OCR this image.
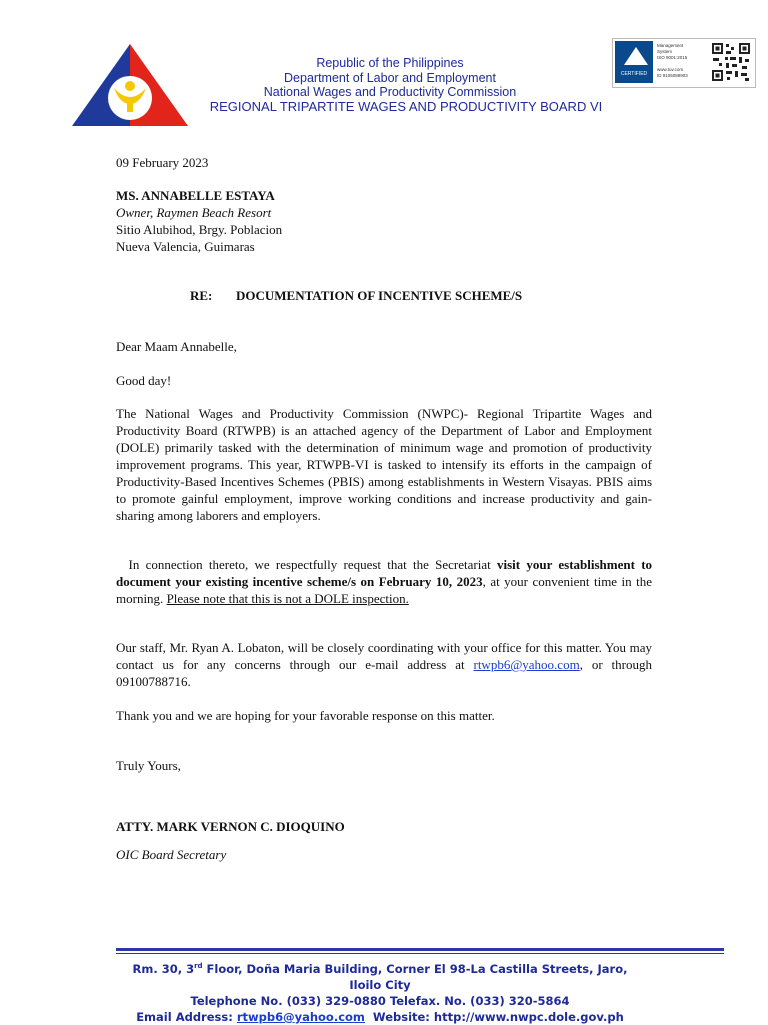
Republic of the Philippines
Department of Labor and Employment
National Wages and Productivity Commission
REGIONAL TRIPARTITE WAGES AND PRODUCTIVITY BOARD VI
CERTIFIED
Management
System
ISO 9001:2015

www.tuv.com
ID 9105088903
09 February 2023
MS. ANNABELLE ESTAYA
Owner, Raymen Beach Resort
Sitio Alubihod, Brgy. Poblacion
Nueva Valencia, Guimaras
RE: DOCUMENTATION OF INCENTIVE SCHEME/S
Dear Maam Annabelle,
Good day!
The National Wages and Productivity Commission (NWPC)- Regional Tripartite Wages and Productivity Board (RTWPB) is an attached agency of the Department of Labor and Employment (DOLE) primarily tasked with the determination of minimum wage and promotion of productivity improvement programs. This year, RTWPB-VI is tasked to intensify its efforts in the campaign of Productivity-Based Incentives Schemes (PBIS) among establishments in Western Visayas. PBIS aims to promote gainful employment, improve working conditions and increase productivity and gain-sharing among laborers and employers.
In connection thereto, we respectfully request that the Secretariat visit your establishment to document your existing incentive scheme/s on February 10, 2023, at your convenient time in the morning. Please note that this is not a DOLE inspection.
Our staff, Mr. Ryan A. Lobaton, will be closely coordinating with your office for this matter. You may contact us for any concerns through our e-mail address at rtwpb6@yahoo.com, or through 09100788716.
Thank you and we are hoping for your favorable response on this matter.
Truly Yours,
ATTY. MARK VERNON C. DIOQUINO
OIC Board Secretary
Rm. 30, 3rd Floor, Doña Maria Building, Corner El 98-La Castilla Streets, Jaro, Iloilo City
Telephone No. (033) 329-0880 Telefax. No. (033) 320-5864
Email Address: rtwpb6@yahoo.com  Website: http://www.nwpc.dole.gov.ph
